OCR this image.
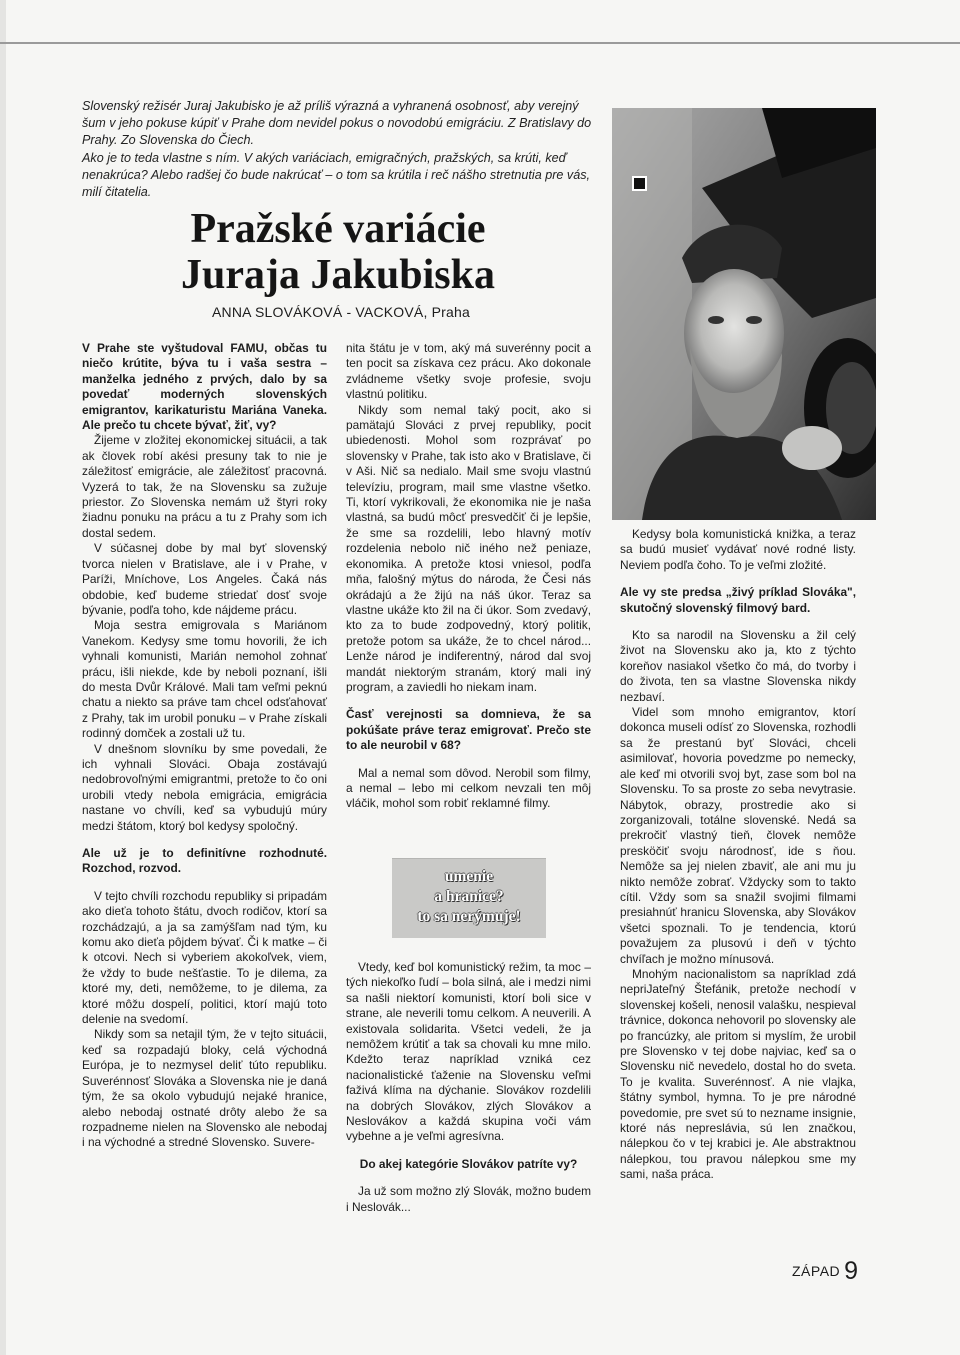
Slovenský režisér Juraj Jakubisko je až príliš výrazná a vyhranená osobnosť, aby verejný šum v jeho pokuse kúpiť v Prahe dom nevidel pokus o novodobú emigráciu. Z Bratislavy do Prahy. Zo Slovenska do Čiech.

Ako je to teda vlastne s ním. V akých variáciach, emigračných, pražských, sa krúti, keď nenakrúca? Alebo radšej čo bude nakrúcať – o tom sa krútila i reč nášho stretnutia pre vás, milí čitatelia.

Pražské variácie
Juraja Jakubiska
ANNA SLOVÁKOVÁ - VACKOVÁ, Praha

V Prahe ste vyštudoval FAMU, občas tu niečo krútite, býva tu i vaša sestra – manželka jedného z prvých, dalo by sa povedať moderných slovenských emigrantov, karikaturistu Mariána Vaneka. Ale prečo tu chcete bývať, žiť, vy?

Žijeme v zložitej ekonomickej situácii, a tak ak človek robí akési presuny tak to nie je záležitosť emigrácie, ale záležitosť pracovná. Vyzerá to tak, že na Slovensku sa zužuje priestor. Zo Slovenska nemám už štyri roky žiadnu ponuku na prácu a tu z Prahy som ich dostal sedem.

V súčasnej dobe by mal byť slovenský tvorca nielen v Bratislave, ale i v Prahe, v Paríži, Mníchove, Los Angeles. Čaká nás obdobie, keď budeme striedať dosť svoje bývanie, podľa toho, kde nájdeme prácu.

Moja sestra emigrovala s Mariánom Vanekom. Kedysy sme tomu hovorili, že ich vyhnali komunisti, Marián nemohol zohnať prácu, išli niekde, kde by neboli poznaní, išli do mesta Dvůr Králové. Mali tam veľmi peknú chatu a niekto sa práve tam chcel odsťahovať z Prahy, tak im urobil ponuku – v Prahe získali rodinný domček a zostali už tu.

V dnešnom slovníku by sme povedali, že ich vyhnali Slováci. Obaja zostávajú nedobrovoľnými emigrantmi, pretože to čo oni urobili vtedy nebola emigrácia, emigrácia nastane vo chvíli, keď sa vybudujú múry medzi štátom, ktorý bol kedysy spoločný.

Ale už je to definitívne rozhodnuté. Rozchod, rozvod.

V tejto chvíli rozchodu republiky si pripadám ako dieťa tohoto štátu, dvoch rodičov, ktorí sa rozchádzajú, a ja sa zamýšľam nad tým, ku komu ako dieťa pôjdem bývať. Či k matke – či k otcovi. Nech si vyberiem akokoľvek, viem, že vždy to bude nešťastie. To je dilema, za ktoré my, deti, nemôžeme, to je dilema, za ktoré môžu dospelí, politici, ktorí majú toto delenie na svedomí.

Nikdy som sa netajil tým, že v tejto situácii, keď sa rozpadajú bloky, celá východná Európa, je to nezmysel deliť túto republiku. Suverénnosť Slováka a Slovenska nie je daná tým, že sa okolo vybudujú nejaké hranice, alebo nebodaj ostnaté drôty alebo že sa rozpadneme nielen na Slovensko ale nebodaj i na východné a stredné Slovensko. Suvere-

nita štátu je v tom, aký má suverénny pocit a ten pocit sa získava cez prácu. Ako dokonale zvládneme všetky svoje profesie, svoju vlastnú politiku.

Nikdy som nemal taký pocit, ako si pamätajú Slováci z prvej republiky, pocit ubiedenosti. Mohol som rozprávať po slovensky v Prahe, tak isto ako v Bratislave, či v Aši. Nič sa nedialo. Mail sme svoju vlastnú televíziu, program, mail sme vlastne všetko. Ti, ktorí vykrikovali, že ekonomika nie je naša vlastná, sa budú môcť presvedčiť či je lepšie, že sme sa rozdelili, lebo hlavný motív rozdelenia nebolo nič iného než peniaze, ekonomika. A pretože ktosi vniesol, podľa mňa, falošný mýtus do národa, že Česi nás okrádajú a že žijú na náš úkor. Teraz sa vlastne ukáže kto žil na či úkor. Som zvedavý, kto za to bude zodpovedný, ktorý politik, pretože potom sa ukáže, že to chcel národ... Lenže národ je indiferentný, národ dal svoj mandát niektorým stranám, ktorý mali iný program, a zaviedli ho niekam inam.

Časť verejnosti sa domnieva, že sa pokúšate práve teraz emigrovať. Prečo ste to ale neurobil v 68?

Mal a nemal som dôvod. Nerobil som filmy, a nemal – lebo mi celkom nevzali ten môj vláčik, mohol som robiť reklamné filmy.

umenie
a hranice?
to sa nerýmuje!

Vtedy, keď bol komunistický režim, ta moc – tých niekoľko ľudí – bola silná, ale i medzi nimi sa našli niektorí komunisti, ktorí boli sice v strane, ale neverili tomu celkom. A neuverili. A existovala solidarita. Všetci vedeli, že ja nemôžem krútiť a tak sa chovali ku mne milo. Kdežto teraz napríklad vzniká cez nacionalistické ťaženie na Slovensku veľmi faživá klíma na dýchanie. Slovákov rozdelili na dobrých Slovákov, zlých Slovákov a Neslovákov a každá skupina voči vám vybehne a je veľmi agresívna.

Do akej kategórie Slovákov patríte vy?

Ja už som možno zlý Slovák, možno budem i Neslovák...

Kedysy bola komunistická knižka, a teraz sa budú musieť vydávať nové rodné listy. Neviem podľa čoho. To je veľmi zložité.

Ale vy ste predsa „živý príklad Slováka", skutočný slovenský filmový bard.

Kto sa narodil na Slovensku a žil celý život na Slovensku ako ja, kto z týchto koreňov nasiakol všetko čo má, do tvorby i do života, ten sa vlastne Slovenska nikdy nezbaví.

Videl som mnoho emigrantov, ktorí dokonca museli odísť zo Slovenska, rozhodli sa že prestanú byť Slováci, chceli asimilovať, hovoria povedzme po nemecky, ale keď mi otvorili svoj byt, zase som bol na Slovensku. To sa proste zo seba nevytrasie. Nábytok, obrazy, prostredie ako si zorganizovali, totálne slovenské. Nedá sa prekročiť vlastný tieň, človek nemôže presköčiť svoju národnosť, ide s ňou. Nemôže sa jej nielen zbaviť, ale ani mu ju nikto nemôže zobrať. Vždycky som to takto cítil. Vždy som sa snažil svojimi filmami presiahnúť hranicu Slovenska, aby Slovákov všetci spoznali. To je tendencia, ktorú považujem za plusovú i deň v týchto chvíľach je možno mínusová.

Mnohým nacionalistom sa napríklad zdá nepriJateľný Štefánik, pretože nechodí v slovenskej košeli, nenosil valašku, nespieval trávnice, dokonca nehovoril po slovensky ale po francúzky, ale pritom si myslím, že urobil pre Slovensko v tej dobe najviac, keď sa o Slovensku nič nevedelo, dostal ho do sveta. To je kvalita. Suverénnosť. A nie vlajka, štátny symbol, hymna. To je pre národné povedomie, pre svet sú to nezname insignie, ktoré nás nepreslávia, sú len značkou, nálepkou čo v tej krabici je. Ale abstraktnou nálepkou, tou pravou nálepkou sme my sami, naša práca.

ZÁPAD 9
